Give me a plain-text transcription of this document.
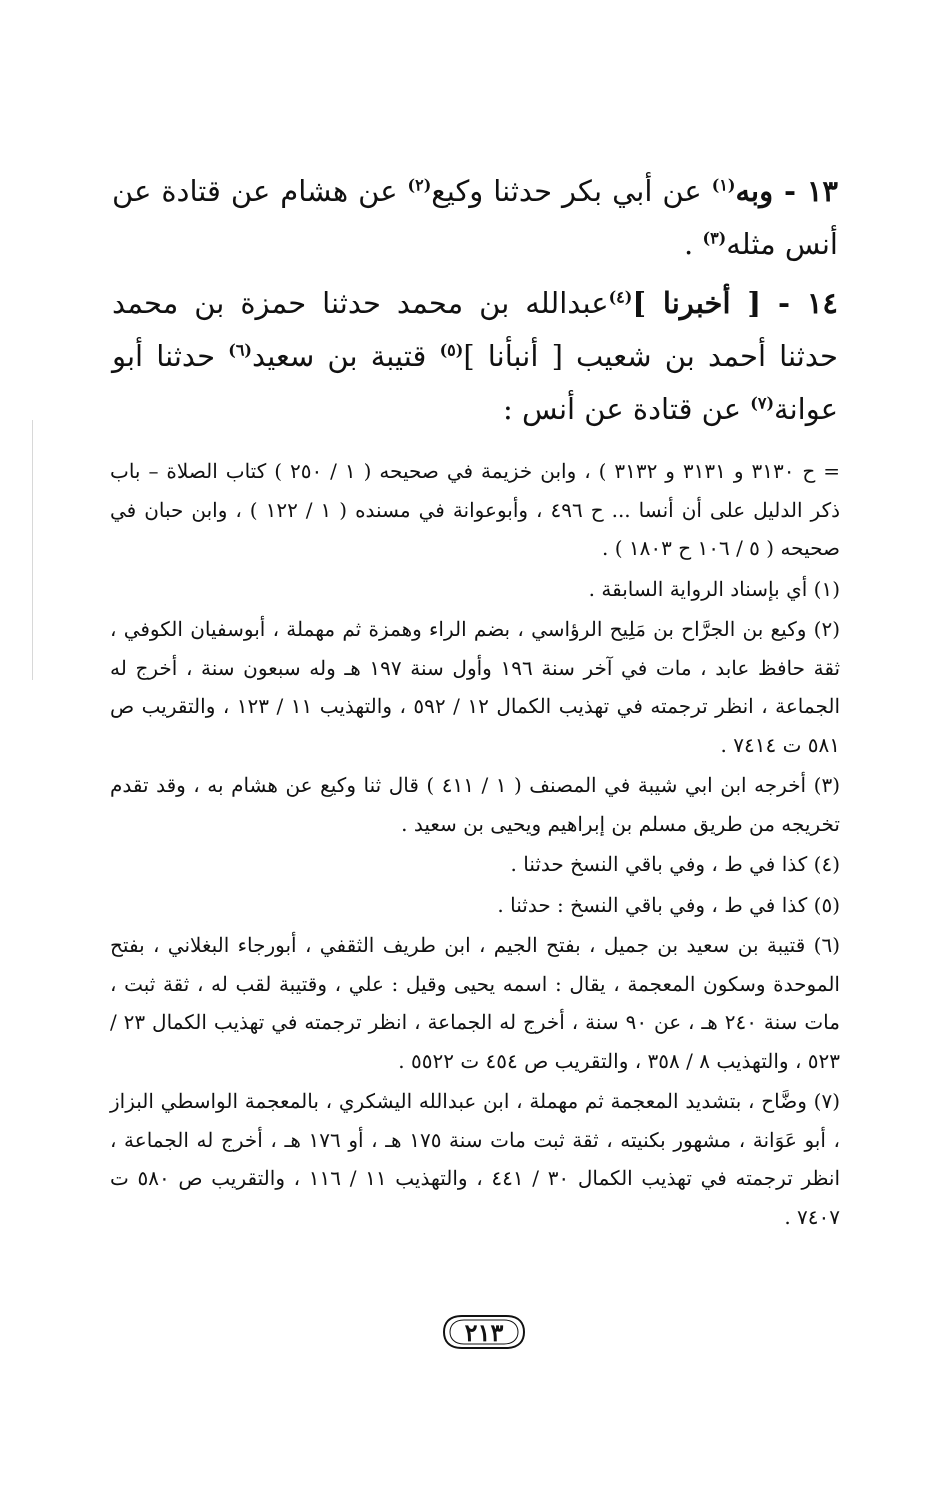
١٣ - وبه$^{(١)}$ عن أبي بكر حدثنا وكيع$^{(٢)}$ عن هشام عن قتادة عن أنس مثله$^{(٣)}$ .

١٤ - [ أخبرنا ]$^{(٤)}$عبدالله بن محمد حدثنا حمزة بن محمد حدثنا أحمد بن شعيب [ أنبأنا ]$^{(٥)}$ قتيبة بن سعيد$^{(٦)}$ حدثنا أبو عوانة$^{(٧)}$ عن قتادة عن أنس :

= ح ٣١٣٠ و ٣١٣١ و ٣١٣٢ ) ، وابن خزيمة في صحيحه ( ١ / ٢٥٠ ) كتاب الصلاة – باب ذكر الدليل على أن أنسا ... ح ٤٩٦ ، وأبوعوانة في مسنده ( ١ / ١٢٢ ) ، وابن حبان في صحيحه ( ٥ / ١٠٦ ح ١٨٠٣ ) .

(١) أي بإسناد الرواية السابقة .

(٢) وكيع بن الجرَّاح بن مَلِيح الرؤاسي ، بضم الراء وهمزة ثم مهملة ، أبوسفيان الكوفي ، ثقة حافظ عابد ، مات في آخر سنة ١٩٦ وأول سنة ١٩٧ هـ وله سبعون سنة ، أخرج له الجماعة ، انظر ترجمته في تهذيب الكمال ١٢ / ٥٩٢ ، والتهذيب ١١ / ١٢٣ ، والتقريب ص ٥٨١ ت ٧٤١٤ .

(٣) أخرجه ابن ابي شيبة في المصنف ( ١ / ٤١١ ) قال ثنا وكيع عن هشام به ، وقد تقدم تخريجه من طريق مسلم بن إبراهيم ويحيى بن سعيد .

(٤) كذا في ط ، وفي باقي النسخ حدثنا .

(٥) كذا في ط ، وفي باقي النسخ : حدثنا .

(٦) قتيبة بن سعيد بن جميل ، بفتح الجيم ، ابن طريف الثقفي ، أبورجاء البغلاني ، بفتح الموحدة وسكون المعجمة ، يقال : اسمه يحيى وقيل : علي ، وقتيبة لقب له ، ثقة ثبت ، مات سنة ٢٤٠ هـ ، عن ٩٠ سنة ، أخرج له الجماعة ، انظر ترجمته في تهذيب الكمال ٢٣ / ٥٢٣ ، والتهذيب ٨ / ٣٥٨ ، والتقريب ص ٤٥٤ ت ٥٥٢٢ .

(٧) وضَّاح ، بتشديد المعجمة ثم مهملة ، ابن عبدالله اليشكري ، بالمعجمة الواسطي البزاز ، أبو عَوَانة ، مشهور بكنيته ، ثقة ثبت مات سنة ١٧٥ هـ ، أو ١٧٦ هـ ، أخرج له الجماعة ، انظر ترجمته في تهذيب الكمال ٣٠ / ٤٤١ ، والتهذيب ١١ / ١١٦ ، والتقريب ص ٥٨٠ ت ٧٤٠٧ .

٢١٣
